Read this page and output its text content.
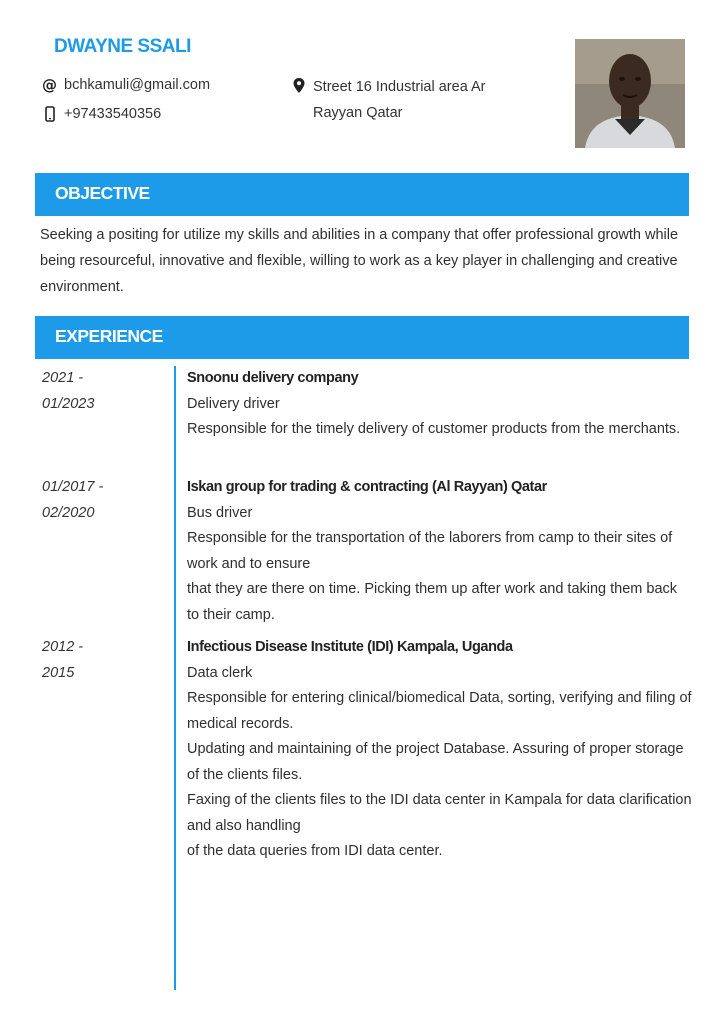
DWAYNE SSALI
@ bchkamuli@gmail.com
+97433540356
Street 16 Industrial area Ar
Rayyan Qatar
OBJECTIVE
Seeking a positing for utilize my skills and abilities in a company that offer professional growth while being resourceful, innovative and flexible, willing to work as a key player in challenging and creative environment.
EXPERIENCE
2021 -
01/2023

Snoonu delivery company

Delivery driver

Responsible for the timely delivery of customer products from the merchants.

01/2017 -
02/2020

Iskan group for trading & contracting (Al Rayyan) Qatar

Bus driver

Responsible for the transportation of the laborers from camp to their sites of work and to ensure

that they are there on time. Picking them up after work and taking them back to their camp.

2012 -
2015

Infectious Disease Institute (IDI) Kampala, Uganda

Data clerk

Responsible for entering clinical/biomedical Data, sorting, verifying and filing of medical records.

Updating and maintaining of the project Database. Assuring of proper storage of the clients files.

Faxing of the clients files to the IDI data center in Kampala for data clarification and also handling

of the data queries from IDI data center.
